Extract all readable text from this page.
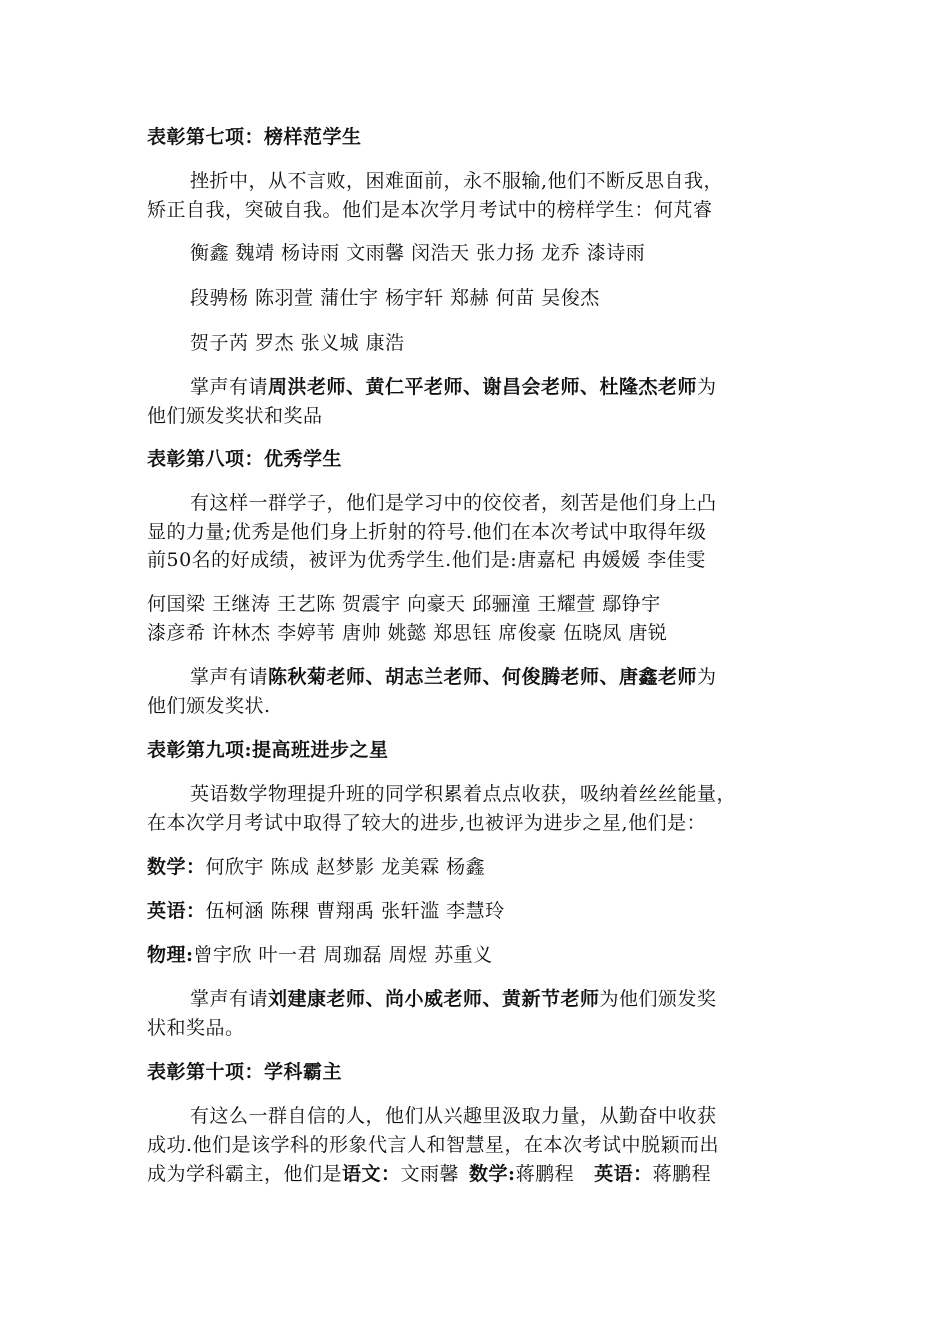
表彰第七项：榜样范学生
挫折中，从不言败，困难面前，永不服输,他们不断反思自我，
矫正自我，突破自我。他们是本次学月考试中的榜样学生：何芃睿
衡鑫 魏靖 杨诗雨 文雨馨 闵浩天 张力扬 龙乔 漆诗雨
段骋杨 陈羽萱 蒲仕宇 杨宇轩 郑赫 何苗 吴俊杰
贺子芮 罗杰 张义城 康浩
掌声有请周洪老师、黄仁平老师、谢昌会老师、杜隆杰老师为
他们颁发奖状和奖品
表彰第八项：优秀学生
有这样一群学子，他们是学习中的佼佼者，刻苦是他们身上凸
显的力量;优秀是他们身上折射的符号.他们在本次考试中取得年级
前50名的好成绩，被评为优秀学生.他们是:唐嘉杞 冉媛媛 李佳雯
何国梁 王继涛 王艺陈 贺震宇 向豪天 邱骊潼 王耀萱 鄢铮宇
漆彦希 许林杰 李婷苇 唐帅 姚懿 郑思钰 席俊豪 伍晓凤 唐锐
掌声有请陈秋菊老师、胡志兰老师、何俊腾老师、唐鑫老师为
他们颁发奖状.
表彰第九项:提高班进步之星
英语数学物理提升班的同学积累着点点收获，吸纳着丝丝能量，
在本次学月考试中取得了较大的进步,也被评为进步之星,他们是：
数学：何欣宇 陈成 赵梦影 龙美霖 杨鑫
英语：伍柯涵 陈稞 曹翔禹 张轩滥 李慧玲
物理:曾宇欣 叶一君 周珈磊 周煜 苏重义
掌声有请刘建康老师、尚小威老师、黄新节老师为他们颁发奖
状和奖品。
表彰第十项：学科霸主
有这么一群自信的人，他们从兴趣里汲取力量，从勤奋中收获
成功.他们是该学科的形象代言人和智慧星，在本次考试中脱颖而出
成为学科霸主，他们是语文：文雨馨 数学:蒋鹏程 英语：蒋鹏程
